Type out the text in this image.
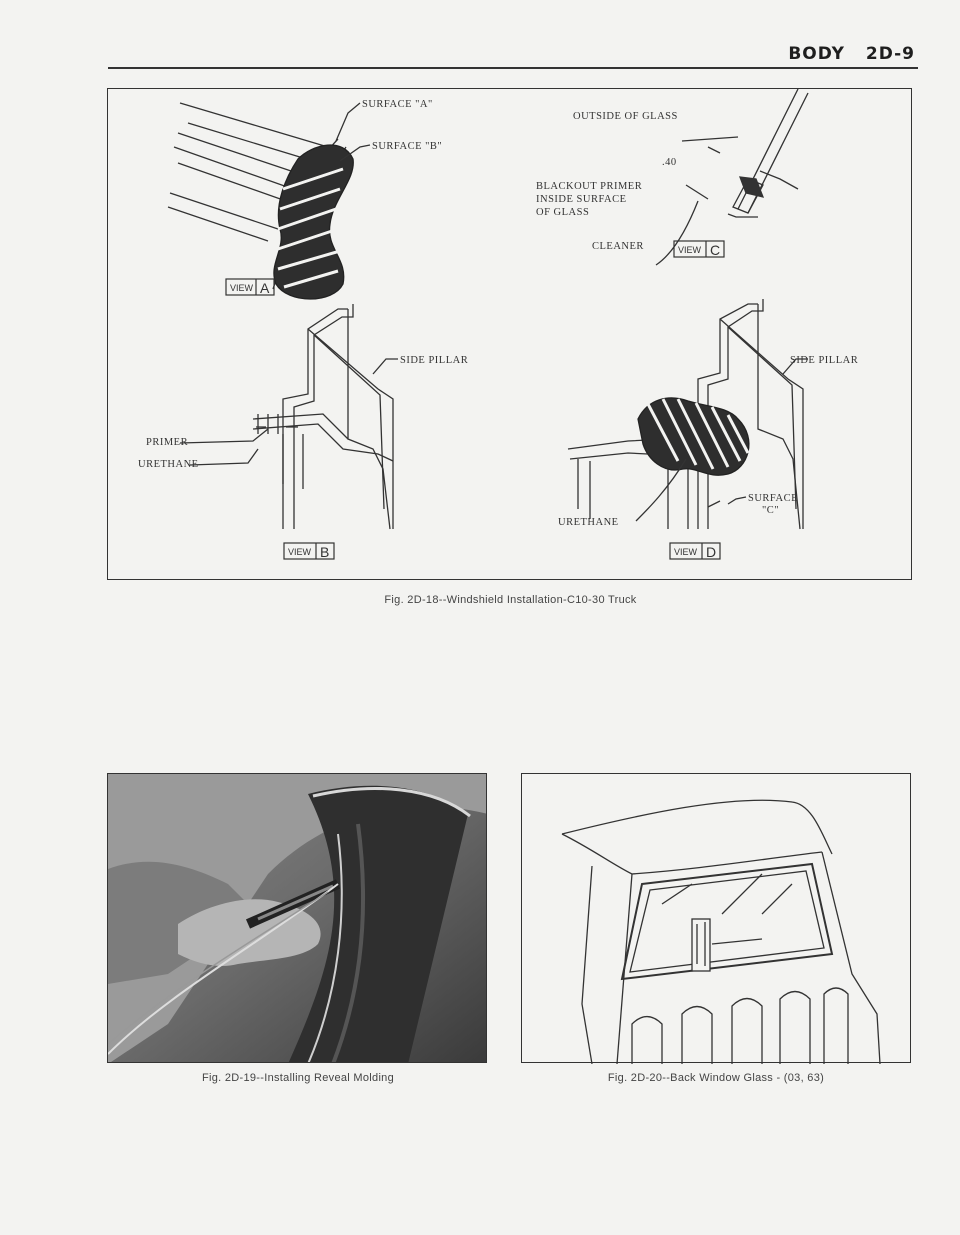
BODY 2D-9
SURFACE "A"
SURFACE "B"
VIEW A
OUTSIDE OF GLASS
.40
BLACKOUT PRIMER
INSIDE SURFACE
OF GLASS
CLEANER	VIEW C
SIDE PILLAR
PRIMER
URETHANE
VIEW B
SIDE PILLAR
SURFACE
"C"
URETHANE
VIEW D
Fig. 2D-18--Windshield Installation-C10-30 Truck
Fig. 2D-19--Installing Reveal Molding	Fig. 2D-20--Back Window Glass - (03, 63)
